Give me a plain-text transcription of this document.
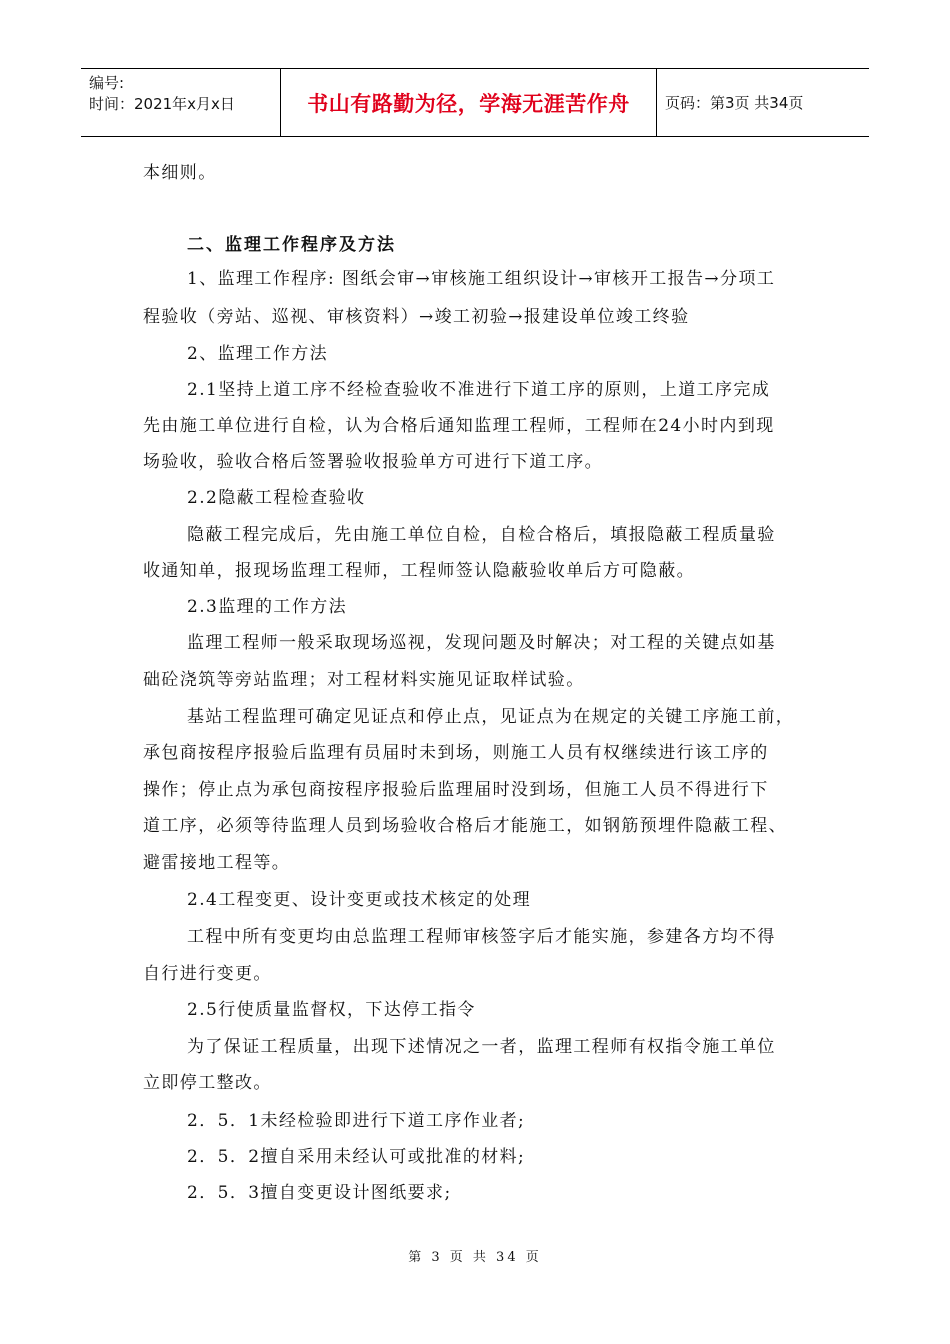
编号:
时间：2021年x月x日	书山有路勤为径，学海无涯苦作舟	页码：第3页 共34页
本细则。
二、监理工作程序及方法
1、监理工作程序: 图纸会审→审核施工组织设计→审核开工报告→分项工
程验收（旁站、巡视、审核资料）→竣工初验→报建设单位竣工终验
2、监理工作方法
2.1坚持上道工序不经检查验收不准进行下道工序的原则，上道工序完成
先由施工单位进行自检，认为合格后通知监理工程师，工程师在24小时内到现
场验收，验收合格后签署验收报验单方可进行下道工序。
2.2隐蔽工程检查验收
隐蔽工程完成后，先由施工单位自检，自检合格后，填报隐蔽工程质量验
收通知单，报现场监理工程师，工程师签认隐蔽验收单后方可隐蔽。
2.3监理的工作方法
监理工程师一般采取现场巡视，发现问题及时解决；对工程的关键点如基
础砼浇筑等旁站监理；对工程材料实施见证取样试验。
基站工程监理可确定见证点和停止点，见证点为在规定的关键工序施工前，
承包商按程序报验后监理有员届时未到场，则施工人员有权继续进行该工序的
操作；停止点为承包商按程序报验后监理届时没到场，但施工人员不得进行下
道工序，必须等待监理人员到场验收合格后才能施工，如钢筋预埋件隐蔽工程、
避雷接地工程等。
2.4工程变更、设计变更或技术核定的处理
工程中所有变更均由总监理工程师审核签字后才能实施，参建各方均不得
自行进行变更。
2.5行使质量监督权，下达停工指令
为了保证工程质量，出现下述情况之一者，监理工程师有权指令施工单位
立即停工整改。
2．5．1未经检验即进行下道工序作业者;
2．5．2擅自采用未经认可或批准的材料;
2．5．3擅自变更设计图纸要求;
第 3 页 共 34 页
